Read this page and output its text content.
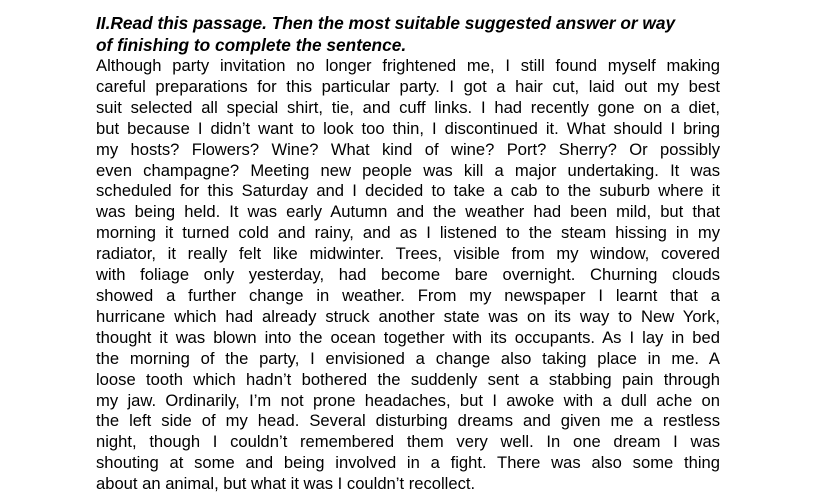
II.Read this passage. Then the most suitable suggested answer or way
of finishing to complete the sentence.
Although party invitation no longer frightened me, I still found myself making
careful preparations for this particular party. I got a hair cut, laid out my best
suit selected all special shirt, tie, and cuff links. I had recently gone on a diet,
but because I didn’t want to look too thin, I discontinued it. What should I bring
my hosts? Flowers? Wine? What kind of wine? Port? Sherry? Or possibly
even champagne? Meeting new people was kill a major undertaking. It was
scheduled for this Saturday and I decided to take a cab to the suburb where it
was being held. It was early Autumn and the weather had been mild, but that
morning it turned cold and rainy, and as I listened to the steam hissing in my
radiator, it really felt like midwinter. Trees, visible from my window, covered
with foliage only yesterday, had become bare overnight. Churning clouds
showed a further change in weather. From my newspaper I learnt that a
hurricane which had already struck another state was on its way to New York,
thought it was blown into the ocean together with its occupants. As I lay in bed
the morning of the party, I envisioned a change also taking place in me. A
loose tooth which hadn’t bothered the suddenly sent a stabbing pain through
my jaw. Ordinarily, I’m not prone headaches, but I awoke with a dull ache on
the left side of my head. Several disturbing dreams and given me a restless
night, though I couldn’t remembered them very well. In one dream I was
shouting at some and being involved in a fight. There was also some thing
about an animal, but what it was I couldn’t recollect.
